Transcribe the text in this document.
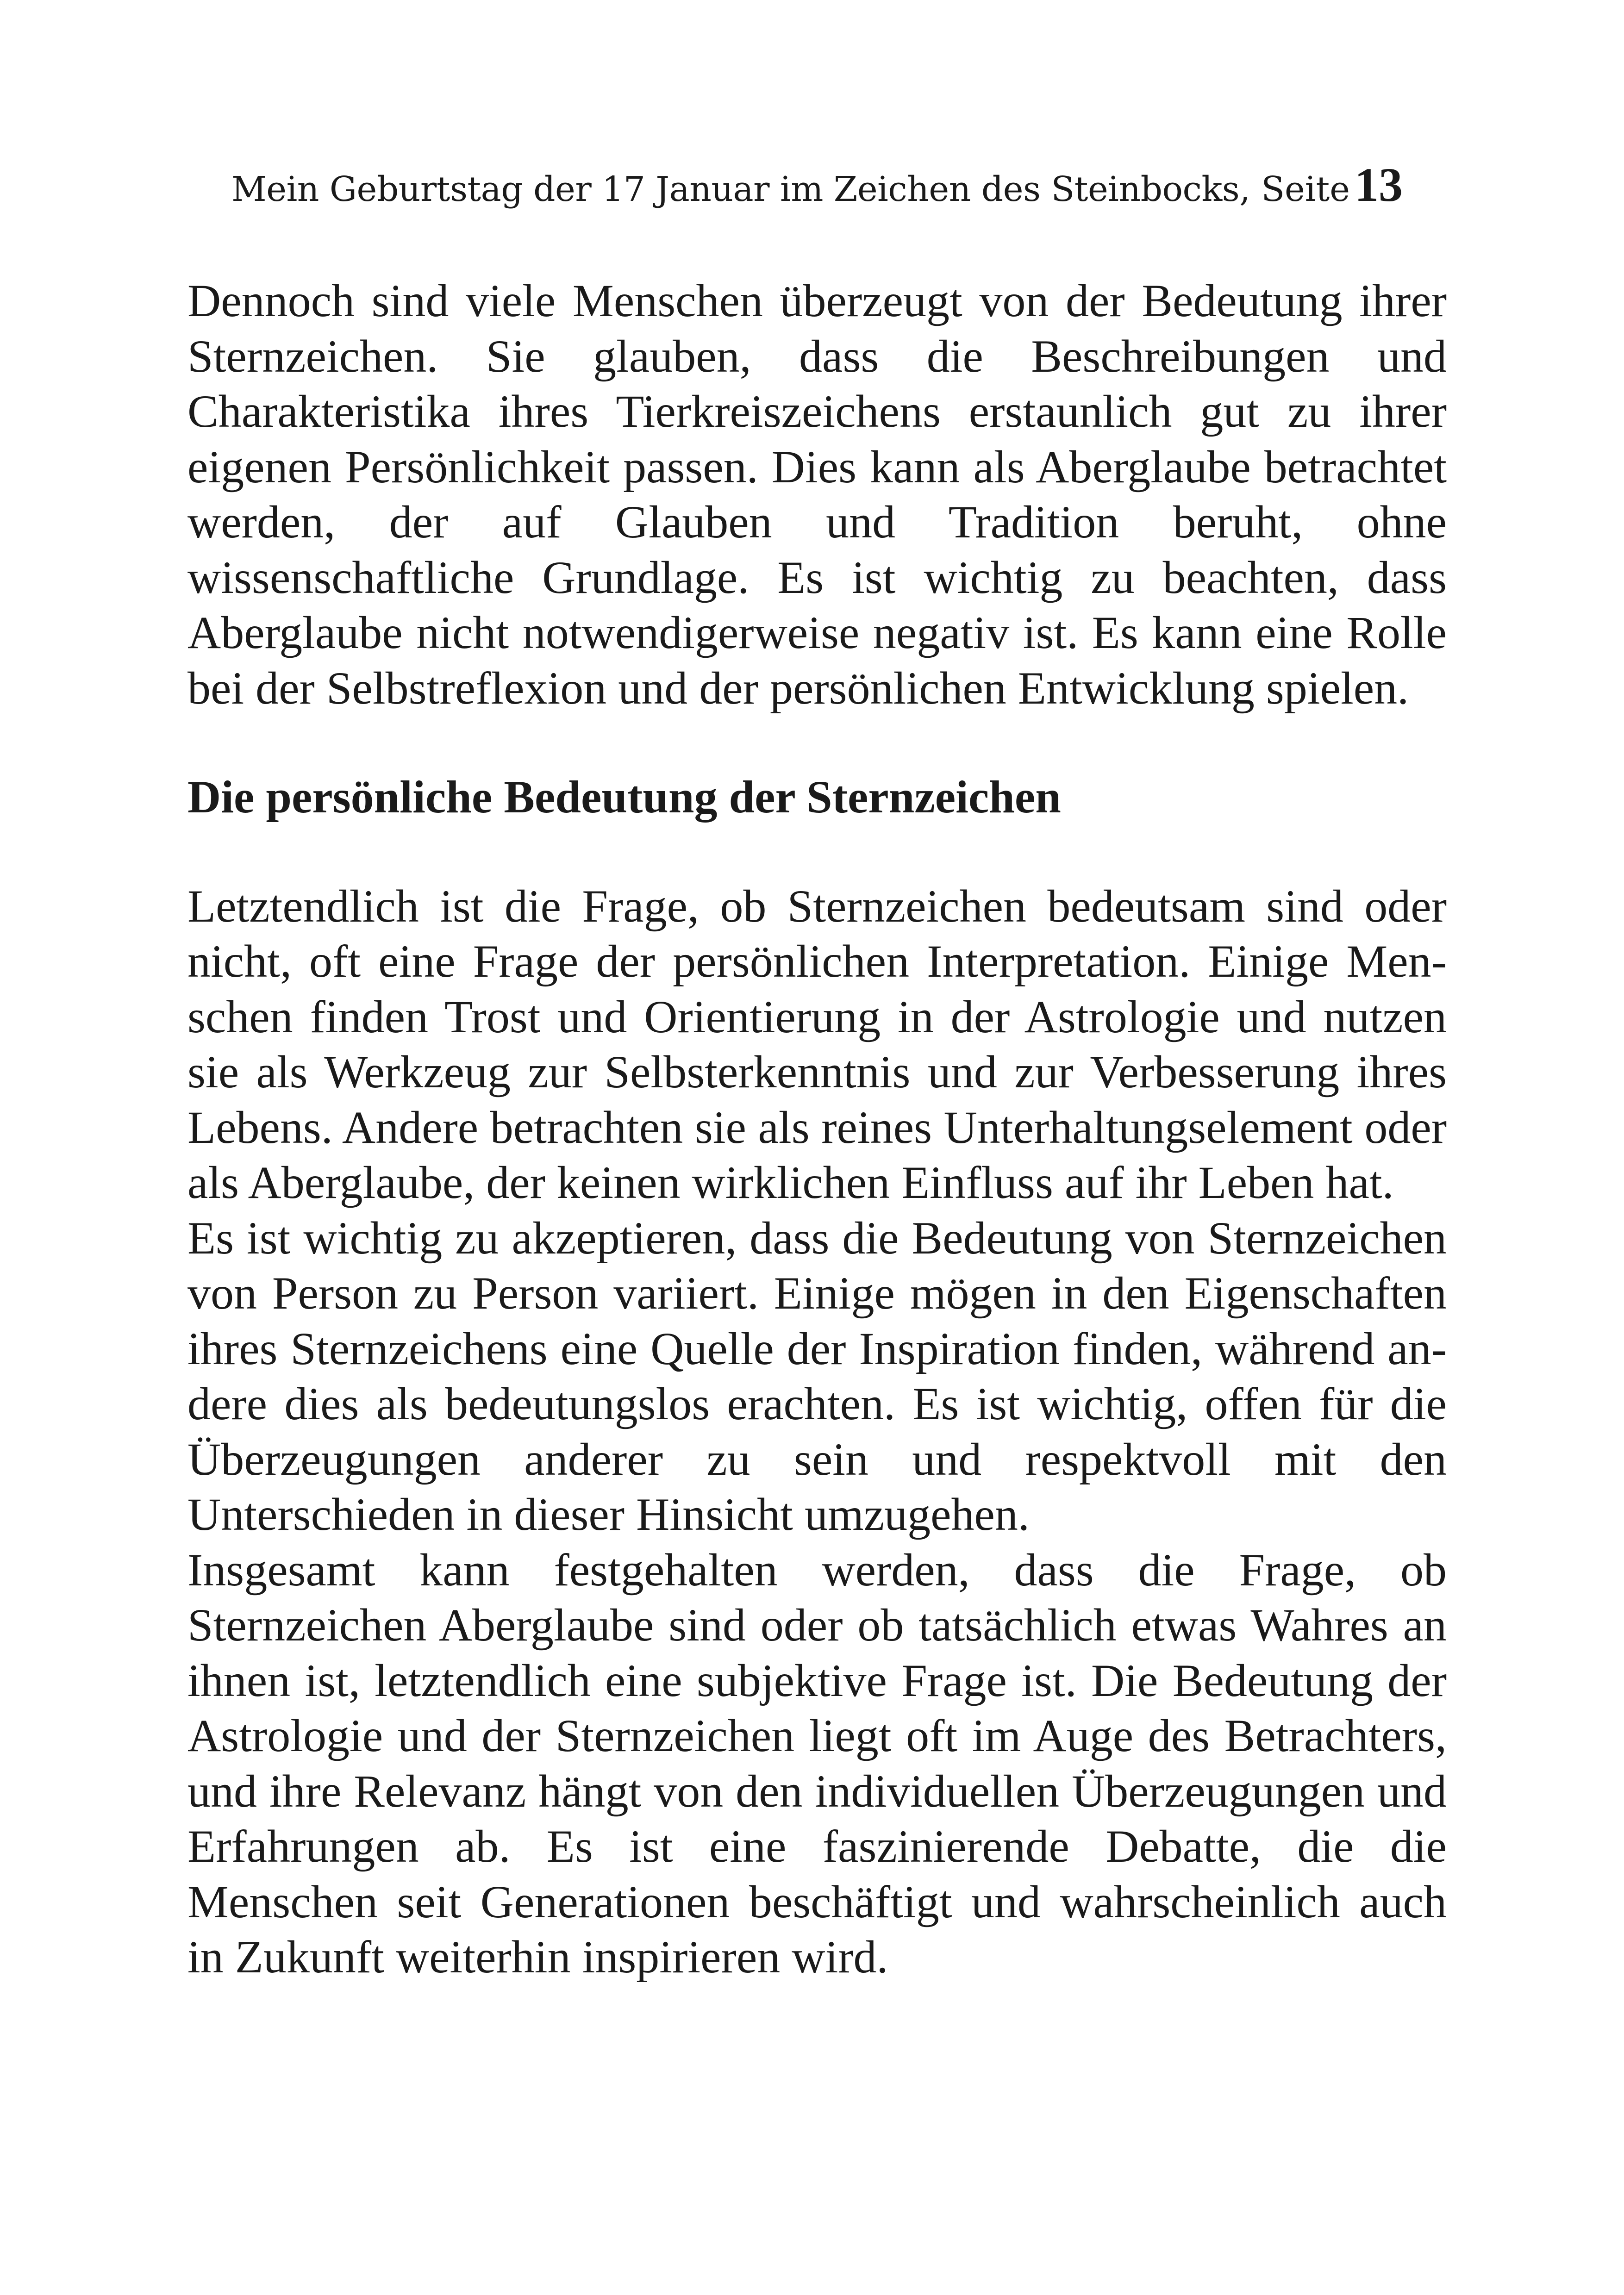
Mein Geburtstag der 17 Januar im Zeichen des Steinbocks, Seite13

Dennoch sind viele Menschen überzeugt von der Bedeutung ihrer Sternzeichen. Sie glauben, dass die Beschreibungen und Charakteristika ihres Tierkreiszeichens erstaunlich gut zu ihrer eigenen Persönlichkeit passen. Dies kann als Aberglaube betrachtet werden, der auf Glauben und Tradition beruht, ohne wissenschaftliche Grundlage. Es ist wichtig zu beachten, dass Aberglaube nicht notwendigerweise negativ ist. Es kann eine Rolle bei der Selbstreflexion und der persönlichen Entwicklung spielen.

Die persönliche Bedeutung der Sternzeichen

Letztendlich ist die Frage, ob Sternzeichen bedeutsam sind oder nicht, oft eine Frage der persönlichen Interpretation. Einige Menschen finden Trost und Orientierung in der Astrologie und nutzen sie als Werkzeug zur Selbsterkenntnis und zur Verbesserung ihres Lebens. Andere betrachten sie als reines Unterhaltungselement oder als Aberglaube, der keinen wirklichen Einfluss auf ihr Leben hat.

Es ist wichtig zu akzeptieren, dass die Bedeutung von Sternzeichen von Person zu Person variiert. Einige mögen in den Eigenschaften ihres Sternzeichens eine Quelle der Inspiration finden, während andere dies als bedeutungslos erachten. Es ist wichtig, offen für die Überzeugungen anderer zu sein und respektvoll mit den Unterschieden in dieser Hinsicht umzugehen.

Insgesamt kann festgehalten werden, dass die Frage, ob Sternzeichen Aberglaube sind oder ob tatsächlich etwas Wahres an ihnen ist, letztendlich eine subjektive Frage ist. Die Bedeutung der Astrologie und der Sternzeichen liegt oft im Auge des Betrachters, und ihre Relevanz hängt von den individuellen Überzeugungen und Erfahrungen ab. Es ist eine faszinierende Debatte, die die Menschen seit Generationen beschäftigt und wahrscheinlich auch in Zukunft weiterhin inspirieren wird.
